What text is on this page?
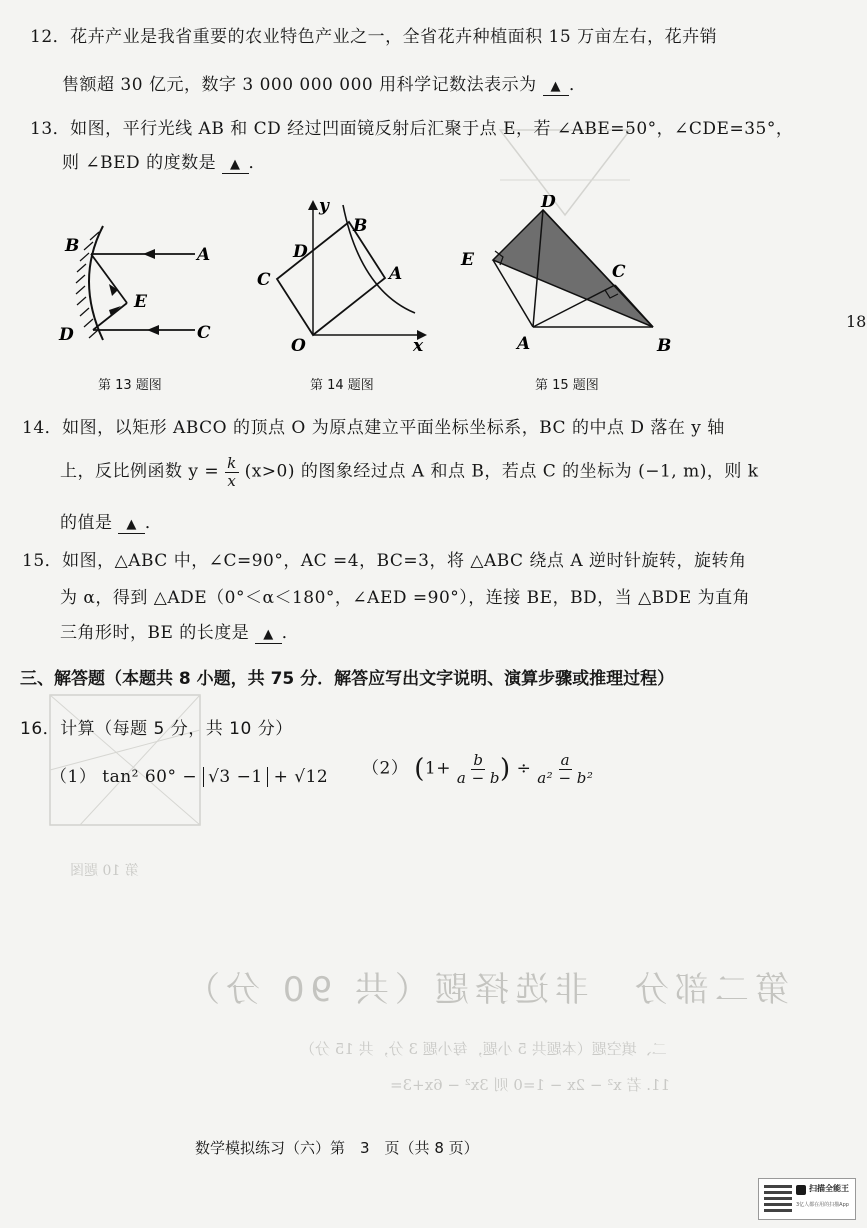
第二部分　非选择题（共 90 分）
二、填空题（本题共 5 小题，每小题 3 分，共 15 分）
11. 若 x² − 2x − 1=0 则 3x² − 6x+3=
第 10 题图
18
12．花卉产业是我省重要的农业特色产业之一，全省花卉种植面积 15 万亩左右，花卉销
售额超 30 亿元，数字 3 000 000 000 用科学记数法表示为 ▲ ．
13．如图，平行光线 AB 和 CD 经过凹面镜反射后汇聚于点 E，若 ∠ABE=50°，∠CDE=35°，
则 ∠BED 的度数是 ▲ ．
B	A
E
D	C
第 13 题图
y
B
D
C	A
O	x
第 14 题图
D
E
C
A	B
第 15 题图
14．如图，以矩形 ABCO 的顶点 O 为原点建立平面坐标坐标系，BC 的中点 D 落在 y 轴
上，反比例函数 $y = \frac{k}{x} (x>0)$ 的图象经过点 A 和点 B，若点 C 的坐标为 (−1, m)，则 k
的值是 ▲ ．
15．如图，△ABC 中，∠C=90°，AC =4，BC=3，将 △ABC 绕点 A 逆时针旋转，旋转角
为 α，得到 △ADE（0°＜α＜180°，∠AED =90°），连接 BE，BD，当 △BDE 为直角
三角形时，BE 的长度是 ▲ ．
三、解答题（本题共 8 小题，共 75 分．解答应写出文字说明、演算步骤或推理过程）
16．计算（每题 5 分，共 10 分）
（1） tan² 60° − √3 −1 + √12 （2） ($1+ \frac{b}{a - b}$ ) ÷ $\frac{a}{\text{a² − b²}}$
数学模拟练习（六）第　3　页（共 8 页）
扫描全能王
3亿人都在用的扫描App
